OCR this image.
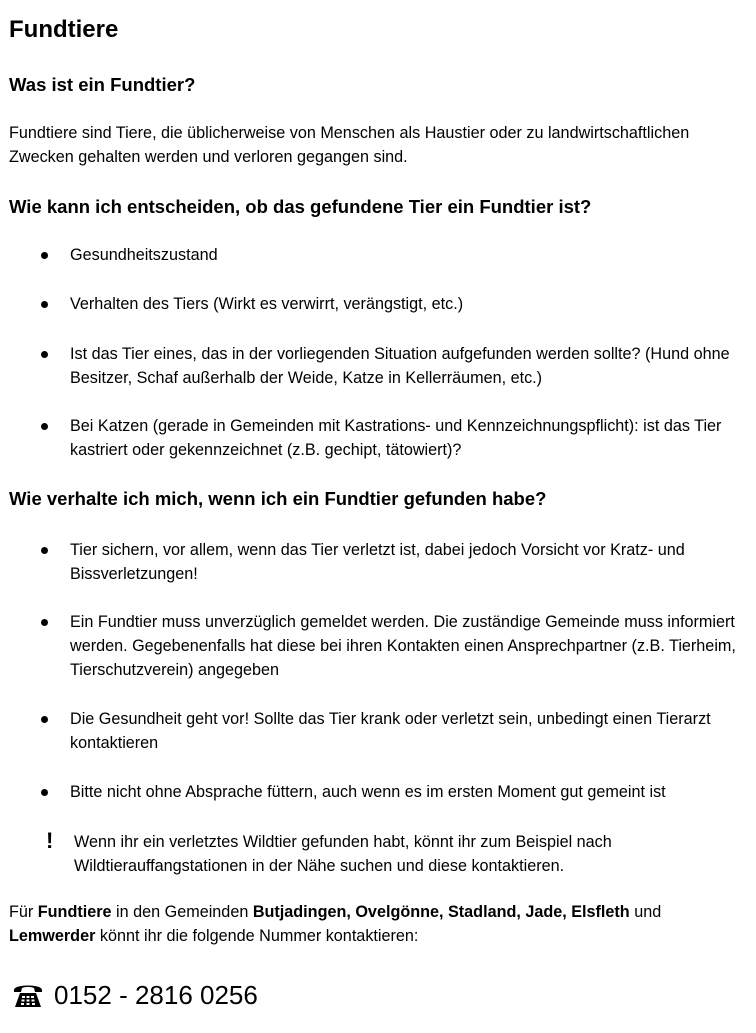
Fundtiere
Was ist ein Fundtier?

Fundtiere sind Tiere, die üblicherweise von Menschen als Haustier oder zu landwirtschaftlichen Zwecken gehalten werden und verloren gegangen sind.

Wie kann ich entscheiden, ob das gefundene Tier ein Fundtier ist?
Gesundheitszustand
Verhalten des Tiers (Wirkt es verwirrt, verängstigt, etc.)
Ist das Tier eines, das in der vorliegenden Situation aufgefunden werden sollte? (Hund ohne Besitzer, Schaf außerhalb der Weide, Katze in Kellerräumen, etc.)
Bei Katzen (gerade in Gemeinden mit Kastrations- und Kennzeichnungspflicht): ist das Tier kastriert oder gekennzeichnet (z.B. gechipt, tätowiert)?
Wie verhalte ich mich, wenn ich ein Fundtier gefunden habe?
Tier sichern, vor allem, wenn das Tier verletzt ist, dabei jedoch Vorsicht vor Kratz- und Bissverletzungen!
Ein Fundtier muss unverzüglich gemeldet werden. Die zuständige Gemeinde muss informiert werden. Gegebenenfalls hat diese bei ihren Kontakten einen Ansprechpartner (z.B. Tierheim, Tierschutzverein) angegeben
Die Gesundheit geht vor! Sollte das Tier krank oder verletzt sein, unbedingt einen Tierarzt kontaktieren
Bitte nicht ohne Absprache füttern, auch wenn es im ersten Moment gut gemeint ist
! Wenn ihr ein verletztes Wildtier gefunden habt, könnt ihr zum Beispiel nach Wildtierauffangstationen in der Nähe suchen und diese kontaktieren.

Für Fundtiere in den Gemeinden Butjadingen, Ovelgönne, Stadland, Jade, Elsfleth und Lemwerder könnt ihr die folgende Nummer kontaktieren:

0152 - 2816 0256
